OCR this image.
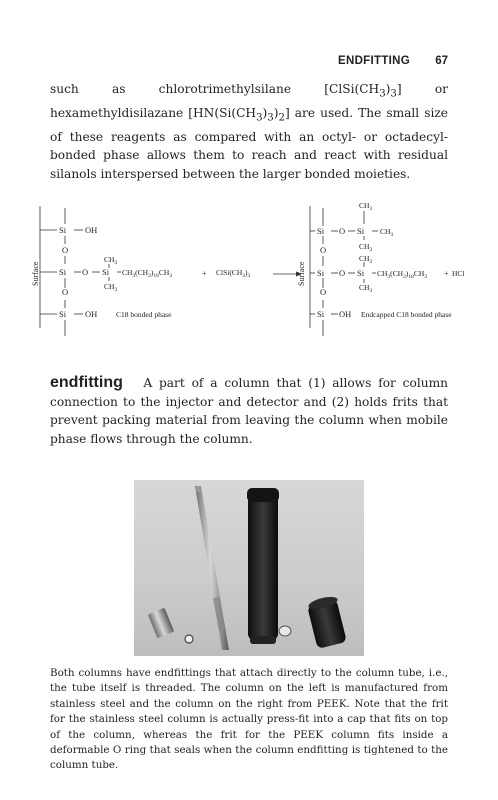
ENDFITTING 67
such as chlorotrimethylsilane $[ClSi(CH_3)_3]$ or hexamethyldisilazane $[HN(Si(CH_3)_3)_2]$ are used. The small size of these reagents as compared with an octyl- or octadecyl-bonded phase allows them to reach and react with residual silanols interspersed between the larger bonded moieties.
Surface	Surface
Si OH
O
Si O Si
$CH_3$
$CH_3$
$CH_3(CH_2)_{18}CH_3$	+ $ClSi(CH_3)_3$
O
Si OH C18 bonded phase
$CH_3$
Si O Si $CH_3$
$CH_3$
O
$CH_3$
Si O Si $CH_3(CH_2)_{18}CH_3$ + HCl
$CH_3$
O
Si OH Endcapped C18 bonded phase
endfitting A part of a column that (1) allows for column connection to the injector and detector and (2) holds frits that prevent packing material from leaving the column when mobile phase flows through the column.
Both columns have endfittings that attach directly to the column tube, i.e., the tube itself is threaded. The column on the left is manufactured from stainless steel and the column on the right from PEEK. Note that the frit for the stainless steel column is actually press-fit into a cap that fits on top of the column, whereas the frit for the PEEK column fits inside a deformable O ring that seals when the column endfitting is tightened to the column tube.
